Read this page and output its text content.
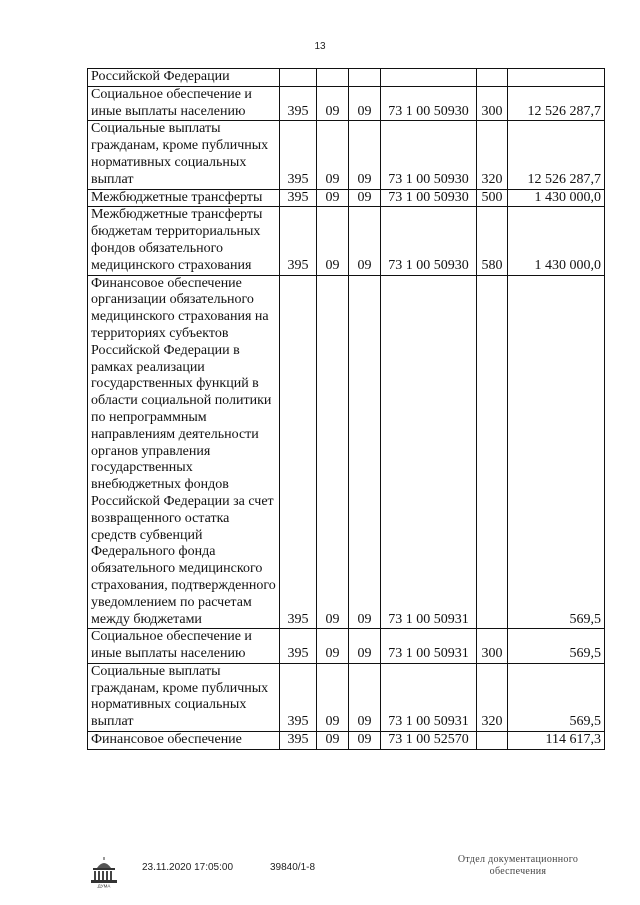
13
Российской Федерации						
Социальное обеспечение и иные выплаты населению	395	09	09	73 1 00 50930	300	12 526 287,7
Социальные выплаты гражданам, кроме публичных нормативных социальных выплат	395	09	09	73 1 00 50930	320	12 526 287,7
Межбюджетные трансферты	395	09	09	73 1 00 50930	500	1 430 000,0
Межбюджетные трансферты бюджетам территориальных фондов обязательного медицинского страхования	395	09	09	73 1 00 50930	580	1 430 000,0
Финансовое обеспечение организации обязательного медицинского страхования на территориях субъектов Российской Федерации в рамках реализации государственных функций в области социальной политики по непрограммным направлениям деятельности органов управления государственных внебюджетных фондов Российской Федерации за счет возвращенного остатка средств субвенций Федерального фонда обязательного медицинского страхования, подтвержденного уведомлением по расчетам между бюджетами	395	09	09	73 1 00 50931		569,5
Социальное обеспечение и иные выплаты населению	395	09	09	73 1 00 50931	300	569,5
Социальные выплаты гражданам, кроме публичных нормативных социальных выплат	395	09	09	73 1 00 50931	320	569,5
Финансовое обеспечение	395	09	09	73 1 00 52570		114 617,3
ДУМА
23.11.2020 17:05:00	39840/1-8
Отдел документационного обеспечения
